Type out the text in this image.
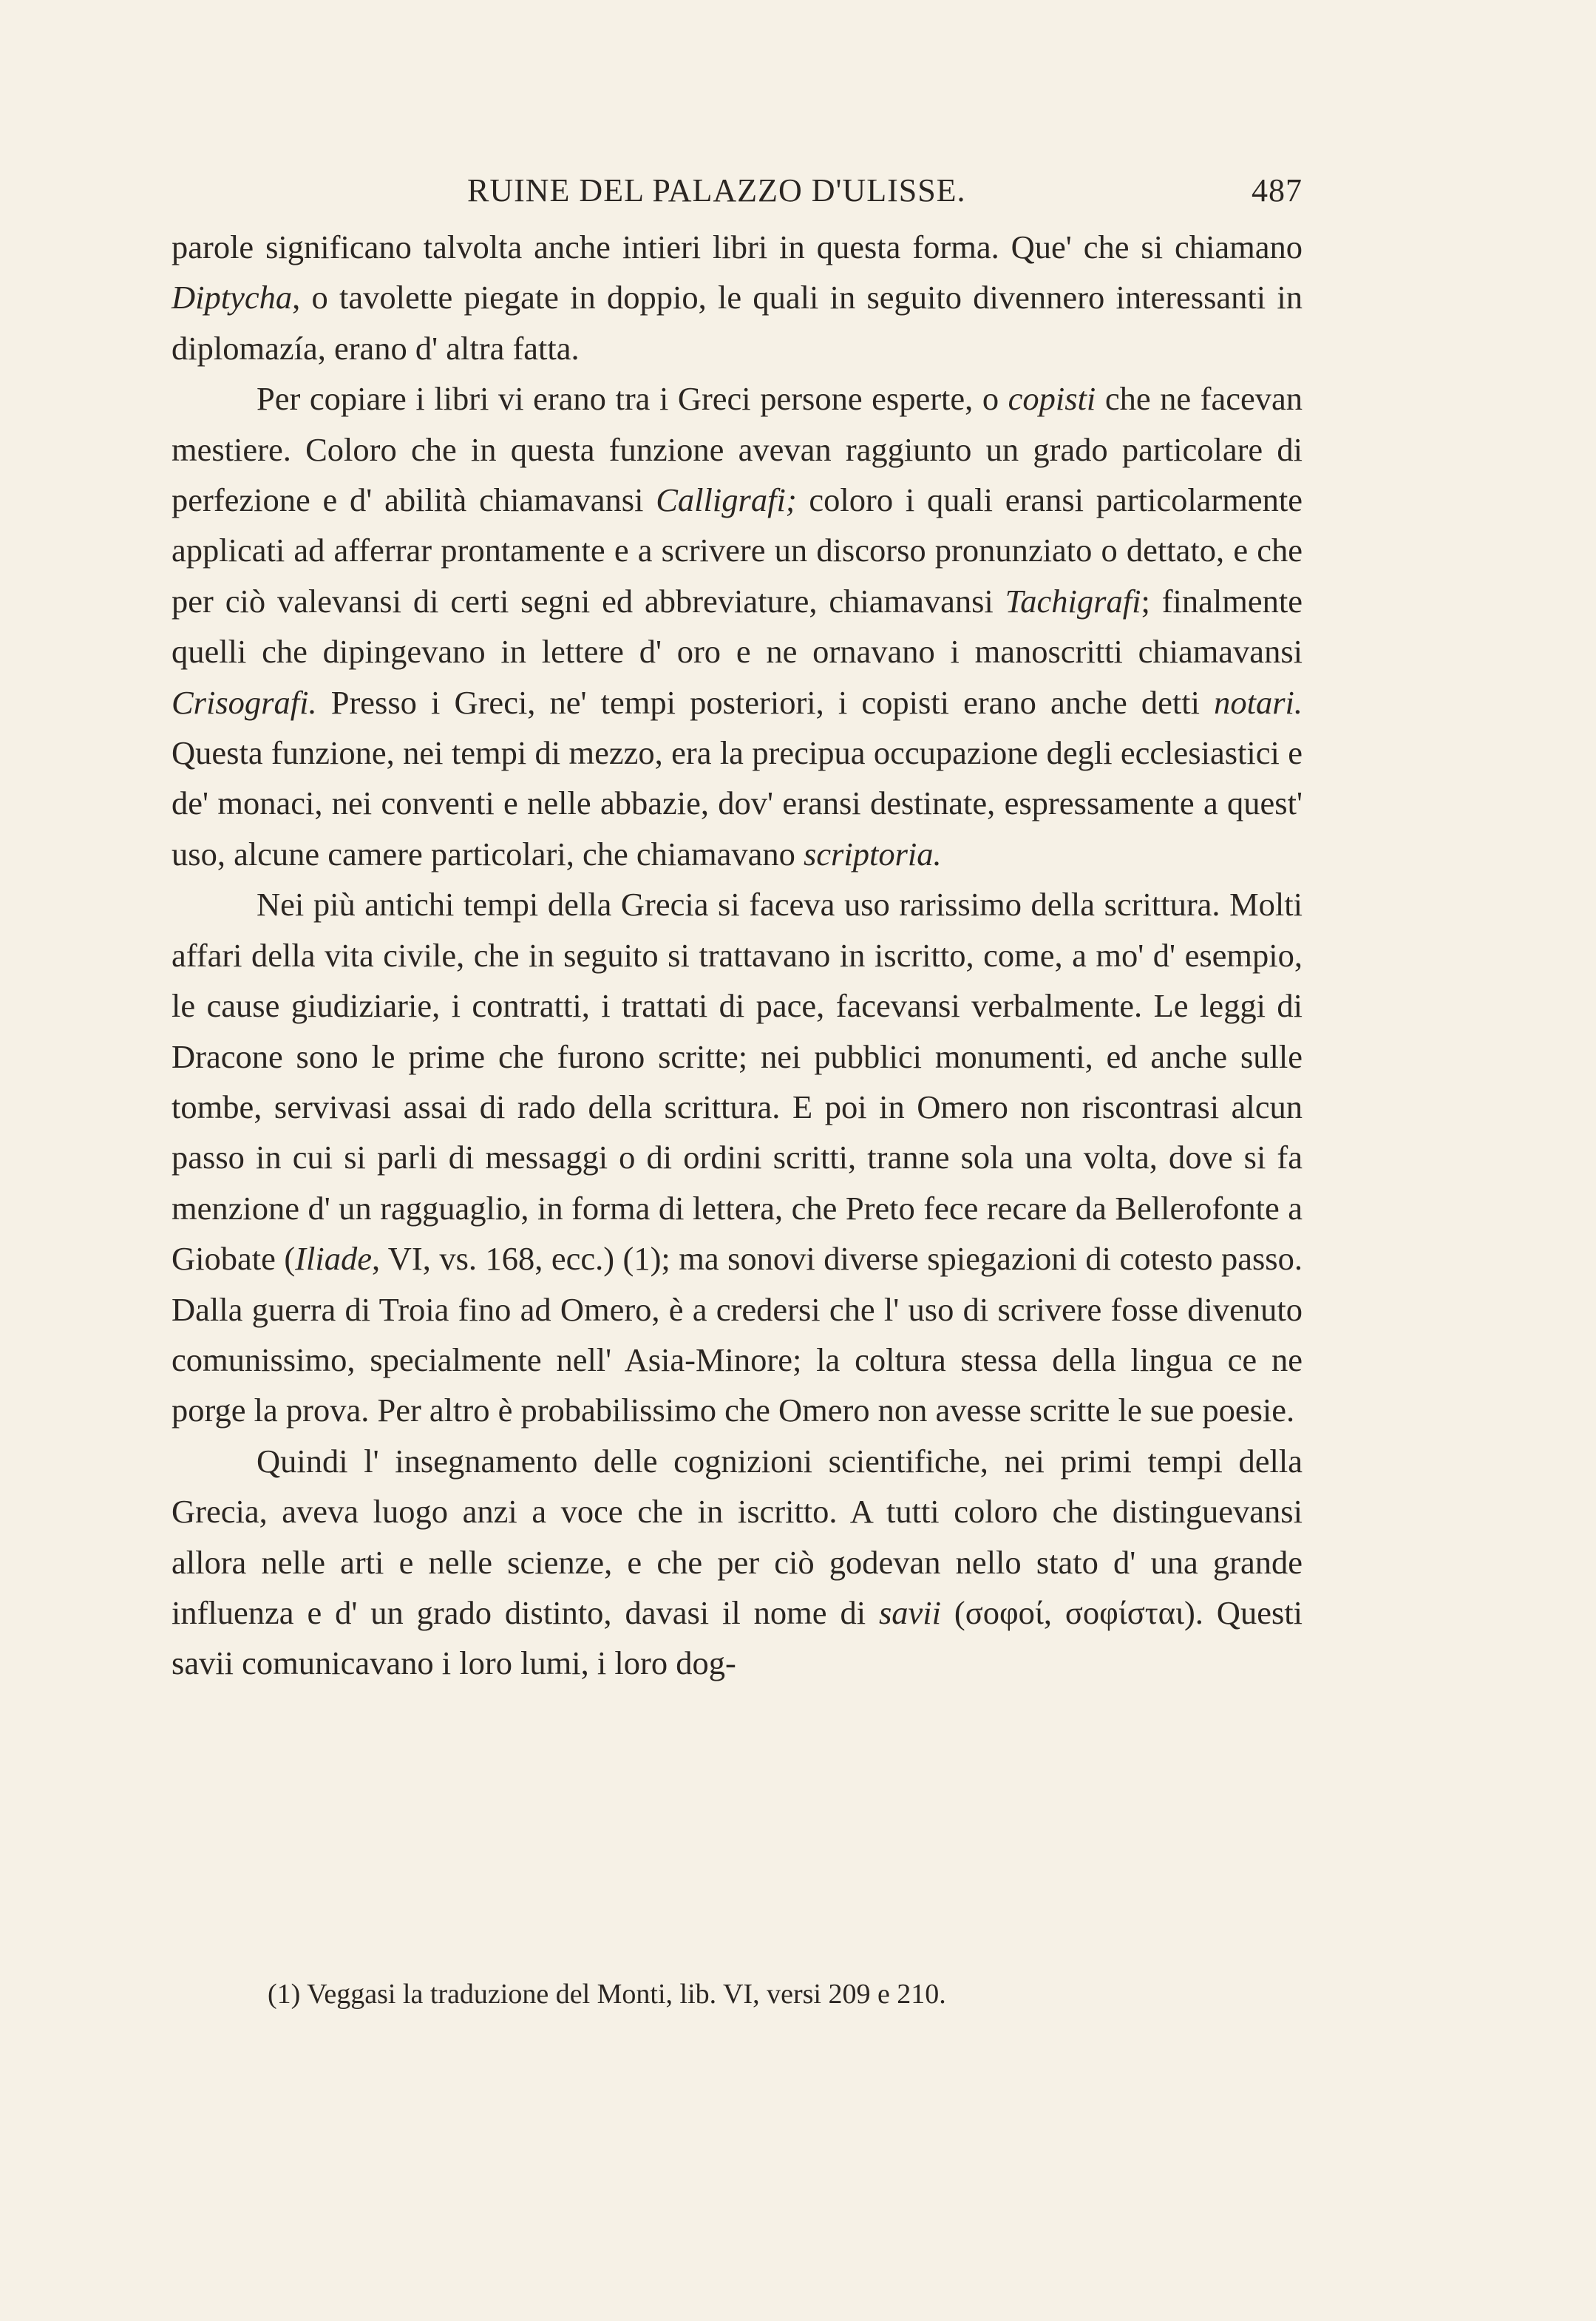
RUINE DEL PALAZZO D'ULISSE.	487

parole significano talvolta anche intieri libri in questa forma. Que' che si chiamano Diptycha, o tavolette piegate in doppio, le quali in seguito divennero interessanti in diplomazía, erano d' altra fatta.

Per copiare i libri vi erano tra i Greci persone esperte, o copisti che ne facevan mestiere. Coloro che in questa funzione avevan raggiunto un grado particolare di perfezione e d' abilità chiamavansi Calligrafi; coloro i quali eransi particolarmente applicati ad afferrar prontamente e a scrivere un discorso pronunziato o dettato, e che per ciò valevansi di certi segni ed abbreviature, chiamavansi Tachigrafi; finalmente quelli che dipingevano in lettere d' oro e ne ornavano i manoscritti chiamavansi Crisografi. Presso i Greci, ne' tempi posteriori, i copisti erano anche detti notari. Questa funzione, nei tempi di mezzo, era la precipua occupazione degli ecclesiastici e de' monaci, nei conventi e nelle abbazie, dov' eransi destinate, espressamente a quest' uso, alcune camere particolari, che chiamavano scriptoria.

Nei più antichi tempi della Grecia si faceva uso rarissimo della scrittura. Molti affari della vita civile, che in seguito si trattavano in iscritto, come, a mo' d' esempio, le cause giudiziarie, i contratti, i trattati di pace, facevansi verbalmente. Le leggi di Dracone sono le prime che furono scritte; nei pubblici monumenti, ed anche sulle tombe, servivasi assai di rado della scrittura. E poi in Omero non riscontrasi alcun passo in cui si parli di messaggi o di ordini scritti, tranne sola una volta, dove si fa menzione d' un ragguaglio, in forma di lettera, che Preto fece recare da Bellerofonte a Giobate (Iliade, VI, vs. 168, ecc.) (1); ma sonovi diverse spiegazioni di cotesto passo. Dalla guerra di Troia fino ad Omero, è a credersi che l' uso di scrivere fosse divenuto comunissimo, specialmente nell' Asia-Minore; la coltura stessa della lingua ce ne porge la prova. Per altro è probabilissimo che Omero non avesse scritte le sue poesie.

Quindi l' insegnamento delle cognizioni scientifiche, nei primi tempi della Grecia, aveva luogo anzi a voce che in iscritto. A tutti coloro che distinguevansi allora nelle arti e nelle scienze, e che per ciò godevan nello stato d' una grande influenza e d' un grado distinto, davasi il nome di savii (σοφοί, σοφίσται). Questi savii comunicavano i loro lumi, i loro dog-

(1) Veggasi la traduzione del Monti, lib. VI, versi 209 e 210.
